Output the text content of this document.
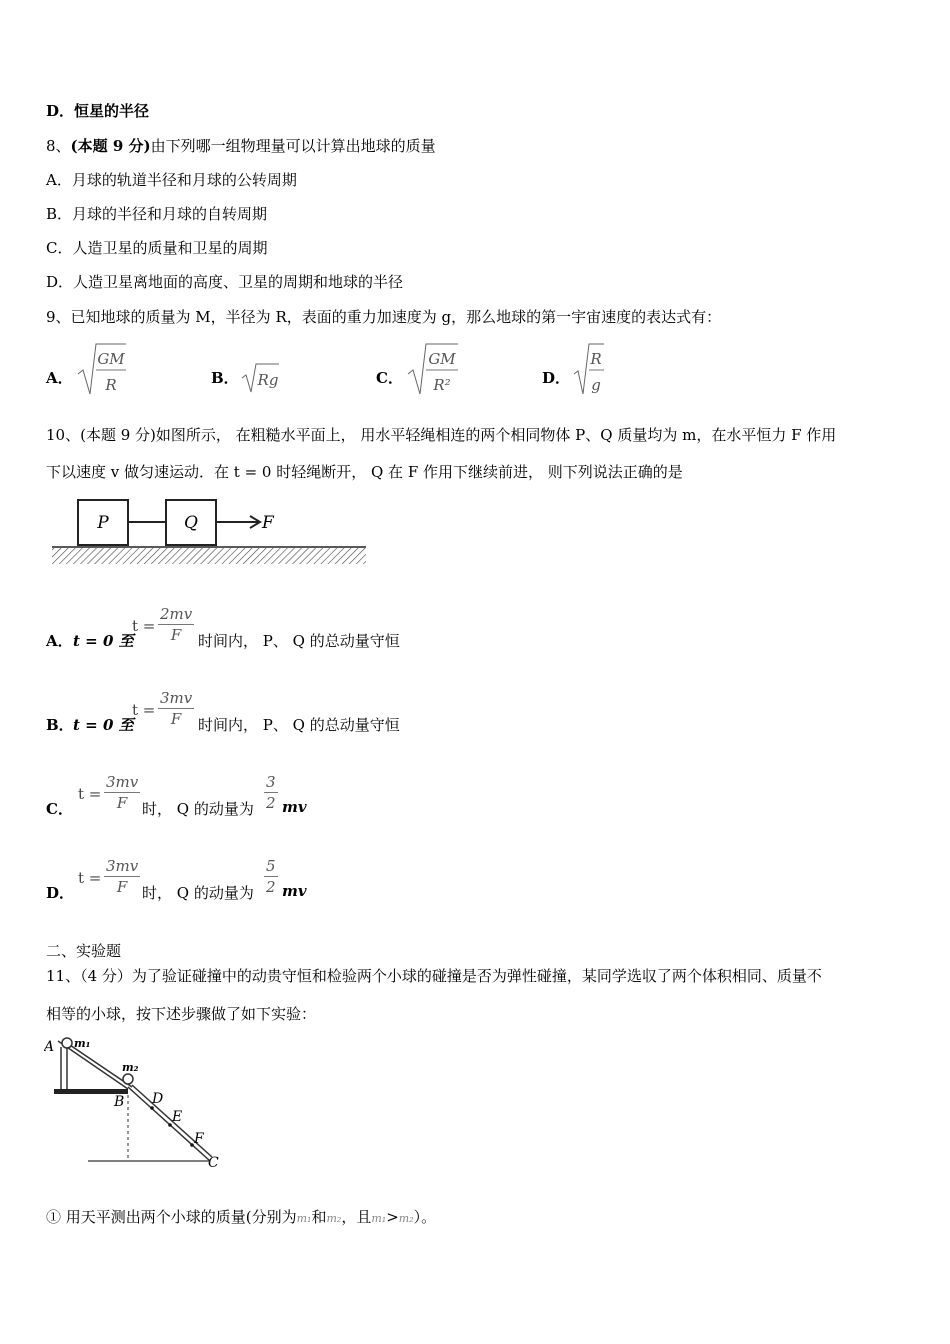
D．恒星的半径
8、(本题 9 分)由下列哪一组物理量可以计算出地球的质量
A．月球的轨道半径和月球的公转周期
B．月球的半径和月球的自转周期
C．人造卫星的质量和卫星的周期
D．人造卫星离地面的高度、卫星的周期和地球的半径
9、已知地球的质量为 M，半径为 R，表面的重力加速度为 g，那么地球的第一宇宙速度的表达式有：
A．
GM
R	B． Rg	C．
GM
R²	D．
R
g
10、(本题 9 分)如图所示， 在粗糙水平面上， 用水平轻绳相连的两个相同物体 P、Q 质量均为 m，在水平恒力 F 作用
下以速度 v 做匀速运动．在 t = 0 时轻绳断开， Q 在 F 作用下继续前进， 则下列说法正确的是
P	Q	F
A． t = 0 至
$t = \frac{2mv}{F}$ 时间内， P、 Q 的总动量守恒
B． t = 0 至
$t = \frac{3mv}{F}$ 时间内， P、 Q 的总动量守恒
C．
$t = \frac{3mv}{F}$ 时， Q 的动量为 $\frac{3}{2}$ mv
D．
$t = \frac{3mv}{F}$ 时， Q 的动量为 $\frac{5}{2}$ mv
二、实验题
11、（4 分）为了验证碰撞中的动贵守恒和检验两个小球的碰撞是否为弹性碰撞，某同学选収了两个体积相同、质量不
相等的小球，按下述步骤做了如下实验：
A m₁
m₂
B D
E
F
C
① 用天平测出两个小球的质量(分别为m₁和m₂，且m₁>m₂）。
